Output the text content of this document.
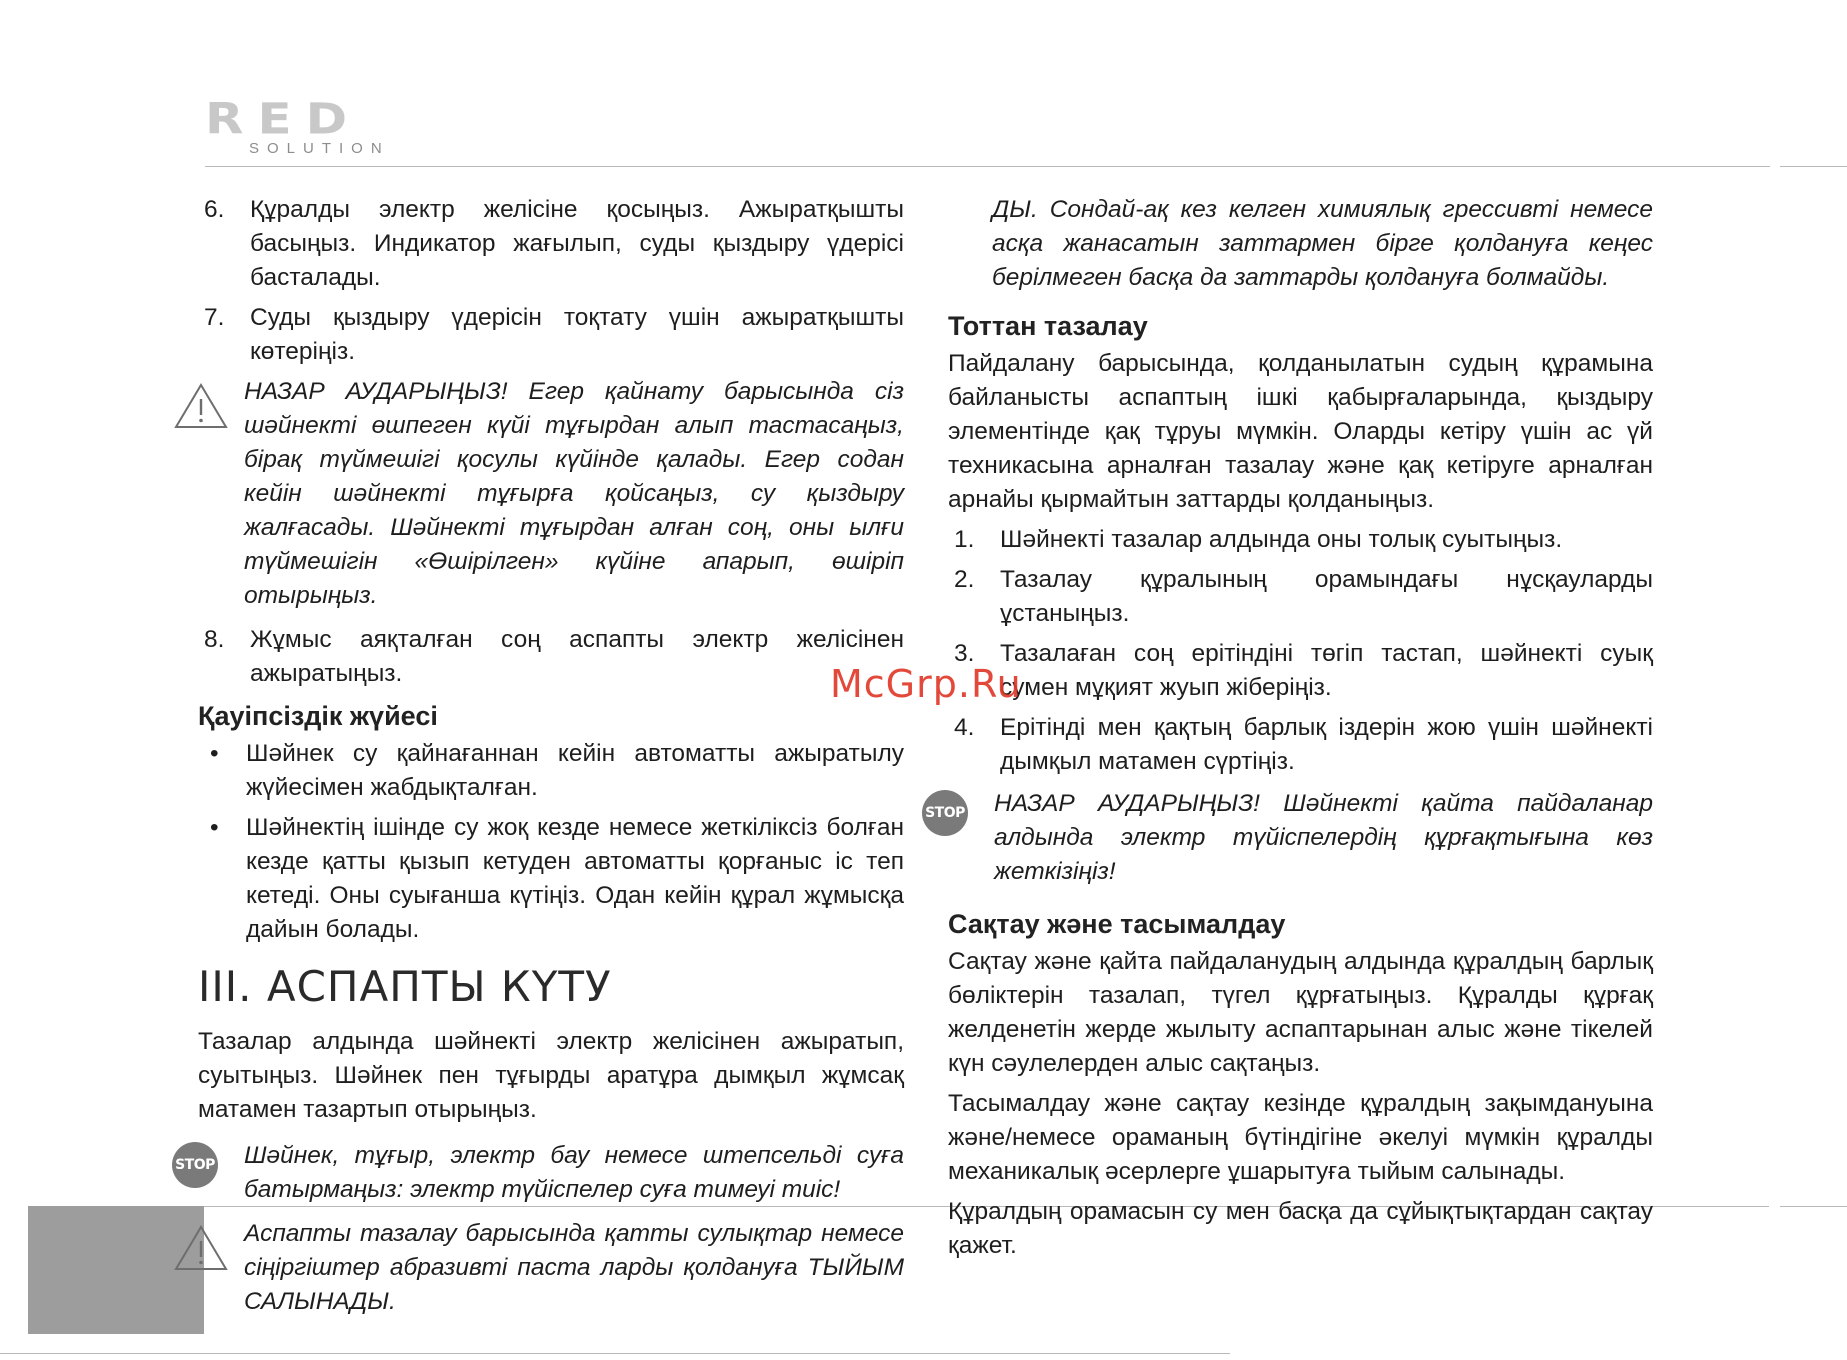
RED
SOLUTION
6. Құралды электр желісіне қосыңыз. Ажыратқышты басыңыз. Индикатор жағылып, суды қыздыру үдерісі басталады.
7. Суды қыздыру үдерісін тоқтату үшін ажыратқышты көтеріңіз.

НАЗАР АУДАРЫҢЫЗ! Егер қайнату барысында сіз шәйнекті өшпеген күйі тұғырдан алып тастасаңыз, бірақ түймешігі қосулы күйінде қалады. Егер содан кейін шәйнекті тұғырға қойсаңыз, су қыздыру жалғасады. Шәйнекті тұғырдан алған соң, оны ылғи түймешігін «Өшірілген» күйіне апарып, өшіріп отырыңыз.

8. Жұмыс аяқталған соң аспапты электр желісінен ажыратыңыз.
Қауіпсіздік жүйесі
• Шәйнек су қайнағаннан кейін автоматты ажыратылу жүйесімен жабдықталған.
• Шәйнектің ішінде су жоқ кезде немесе жеткіліксіз болған кезде қатты қызып кетуден автоматты қорғаныс іс теп кетеді. Оны суығанша күтіңіз. Одан кейін құрал жұмысқа дайын болады.
III. АСПАПТЫ КҮТУ

Тазалар алдында шәйнекті электр желісінен ажыратып, суытыңыз. Шәйнек пен тұғырды аратұра дымқыл жұмсақ матамен тазартып отырыңыз.

STOP Шәйнек, тұғыр, электр бау немесе штепсельді суға батырмаңыз: электр түйіспелер суға тимеуі тиіс!

Аспапты тазалау барысында қатты сулықтар немесе сіңіргіштер абразивті паста ларды қолдануға ТЫЙЫМ САЛЫНАДЫ.

ДЫ. Сондай-ақ кез келген химиялық грессивті немесе асқа жанасатын заттармен бірге қолдануға кеңес берілмеген басқа да заттарды қолдануға болмайды.

Тоттан тазалау

Пайдалану барысында, қолданылатын судың құрамына байланысты аспаптың ішкі қабырғаларында, қыздыру элементінде қақ тұруы мүмкін. Оларды кетіру үшін ас үй техникасына арналған тазалау және қақ кетіруге арналған арнайы қырмайтын заттарды қолданыңыз.

1. Шәйнекті тазалар алдында оны толық суытыңыз.
2. Тазалау құралының орамындағы нұсқауларды ұстаныңыз.
3. Тазалаған соң ерітіндіні төгіп тастап, шәйнекті суық сумен мұқият жуып жіберіңіз.
4. Ерітінді мен қақтың барлық іздерін жою үшін шәйнекті дымқыл матамен сүртіңіз.
STOP НАЗАР АУДАРЫҢЫЗ! Шәйнекті қайта пайдаланар алдында электр түйіспелердің құрғақтығына көз жеткізіңіз!

Сақтау және тасымалдау

Сақтау және қайта пайдаланудың алдында құралдың барлық бөліктерін тазалап, түгел құрғатыңыз. Құралды құрғақ желденетін жерде жылыту аспаптарынан алыс және тікелей күн сәулелерден алыс сақтаңыз.

Тасымалдау және сақтау кезінде құралдың зақымдануына және/немесе ораманың бүтіндігіне әкелуі мүмкін құралды механикалық әсерлерге ұшарытуға тыйым салынады.

Құралдың орамасын су мен басқа да сұйықтықтардан сақтау қажет.

McGrp.Ru
